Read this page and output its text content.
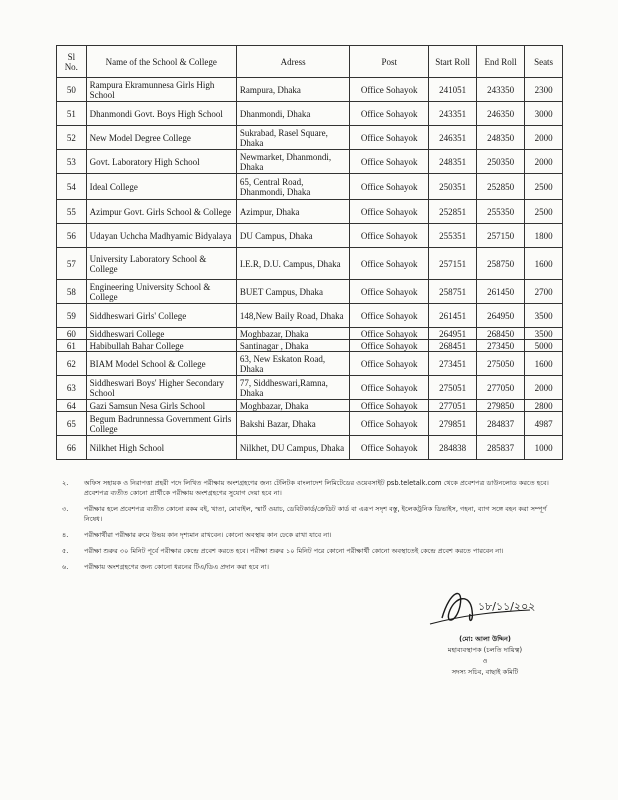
Sl No.	Name of the School & College	Adress	Post	Start Roll	End Roll	Seats
50	Rampura Ekramunnesa Girls High School	Rampura, Dhaka	Office Sohayok	241051	243350	2300
51	Dhanmondi Govt. Boys High School	Dhanmondi, Dhaka	Office Sohayok	243351	246350	3000
52	New Model Degree College	Sukrabad, Rasel Square, Dhaka	Office Sohayok	246351	248350	2000
53	Govt. Laboratory High School	Newmarket, Dhanmondi, Dhaka	Office Sohayok	248351	250350	2000
54	Ideal College	65, Central Road, Dhanmondi, Dhaka	Office Sohayok	250351	252850	2500
55	Azimpur Govt. Girls School & College	Azimpur, Dhaka	Office Sohayok	252851	255350	2500
56	Udayan Uchcha Madhyamic Bidyalaya	DU Campus, Dhaka	Office Sohayok	255351	257150	1800
57	University Laboratory School & College	I.E.R, D.U. Campus, Dhaka	Office Sohayok	257151	258750	1600
58	Engineering University School & College	BUET Campus, Dhaka	Office Sohayok	258751	261450	2700
59	Siddheswari Girls' College	148,New Baily Road, Dhaka	Office Sohayok	261451	264950	3500
60	Siddheswari College	Moghbazar, Dhaka	Office Sohayok	264951	268450	3500
61	Habibullah Bahar College	Santinagar , Dhaka	Office Sohayok	268451	273450	5000
62	BIAM Model School & College	63, New Eskaton Road, Dhaka	Office Sohayok	273451	275050	1600
63	Siddheswari Boys' Higher Secondary School	77, Siddheswari,Ramna, Dhaka	Office Sohayok	275051	277050	2000
64	Gazi Samsun Nesa Girls School	Moghbazar, Dhaka	Office Sohayok	277051	279850	2800
65	Begum Badrunnessa Government Girls College	Bakshi Bazar, Dhaka	Office Sohayok	279851	284837	4987
66	Nilkhet High School	Nilkhet, DU Campus, Dhaka	Office Sohayok	284838	285837	1000
২.	অফিস সহায়ক ও নিরাপত্তা প্রহরী পদে লিখিত পরীক্ষায় অংশগ্রহণের জন্য টেলিটক বাংলাদেশ লিমিটেডের ওয়েবসাইট psb.teletalk.com থেকে প্রবেশপত্র ডাউনলোড করতে হবে। প্রবেশপত্র ব্যতীত কোনো প্রার্থীকে পরীক্ষায় অংশগ্রহণের সুযোগ দেয়া হবে না।
৩.	পরীক্ষার হলে প্রবেশপত্র ব্যতীত কোনো রকম বই, খাতা, মোবাইল, স্মার্ট ওয়াচ, ডেবিটকার্ড/ক্রেডিট কার্ড বা এরূপ সদৃশ বস্তু, ইলেকট্রনিক ডিভাইস, গহনা, ব্যাগ সঙ্গে বহন করা সম্পূর্ণ নিষেধ।
৪.	পরীক্ষার্থীরা পরীক্ষার রুমে উভয় কান দৃশ্যমান রাখবেন। কোনো অবস্থায় কান ঢেকে রাখা যাবে না।
৫.	পরীক্ষা শুরুর ৩০ মিনিট পূর্বে পরীক্ষার কেন্দ্রে প্রবেশ করতে হবে। পরীক্ষা শুরুর ১০ মিনিট পরে কোনো পরীক্ষার্থী কোনো অবস্থাতেই কেন্দ্রে প্রবেশ করতে পারবেন না।
৬.	পরীক্ষায় অংশগ্রহণের জন্য কোনো ধরনের টিএ/ডিএ প্রদান করা হবে না।
১৮/১১/২০২
(মো: আলা উদ্দিন)
মহাব্যবস্থাপক (চলতি দায়িত্ব)
ও
সদস্য সচিব, বাছাই কমিটি
